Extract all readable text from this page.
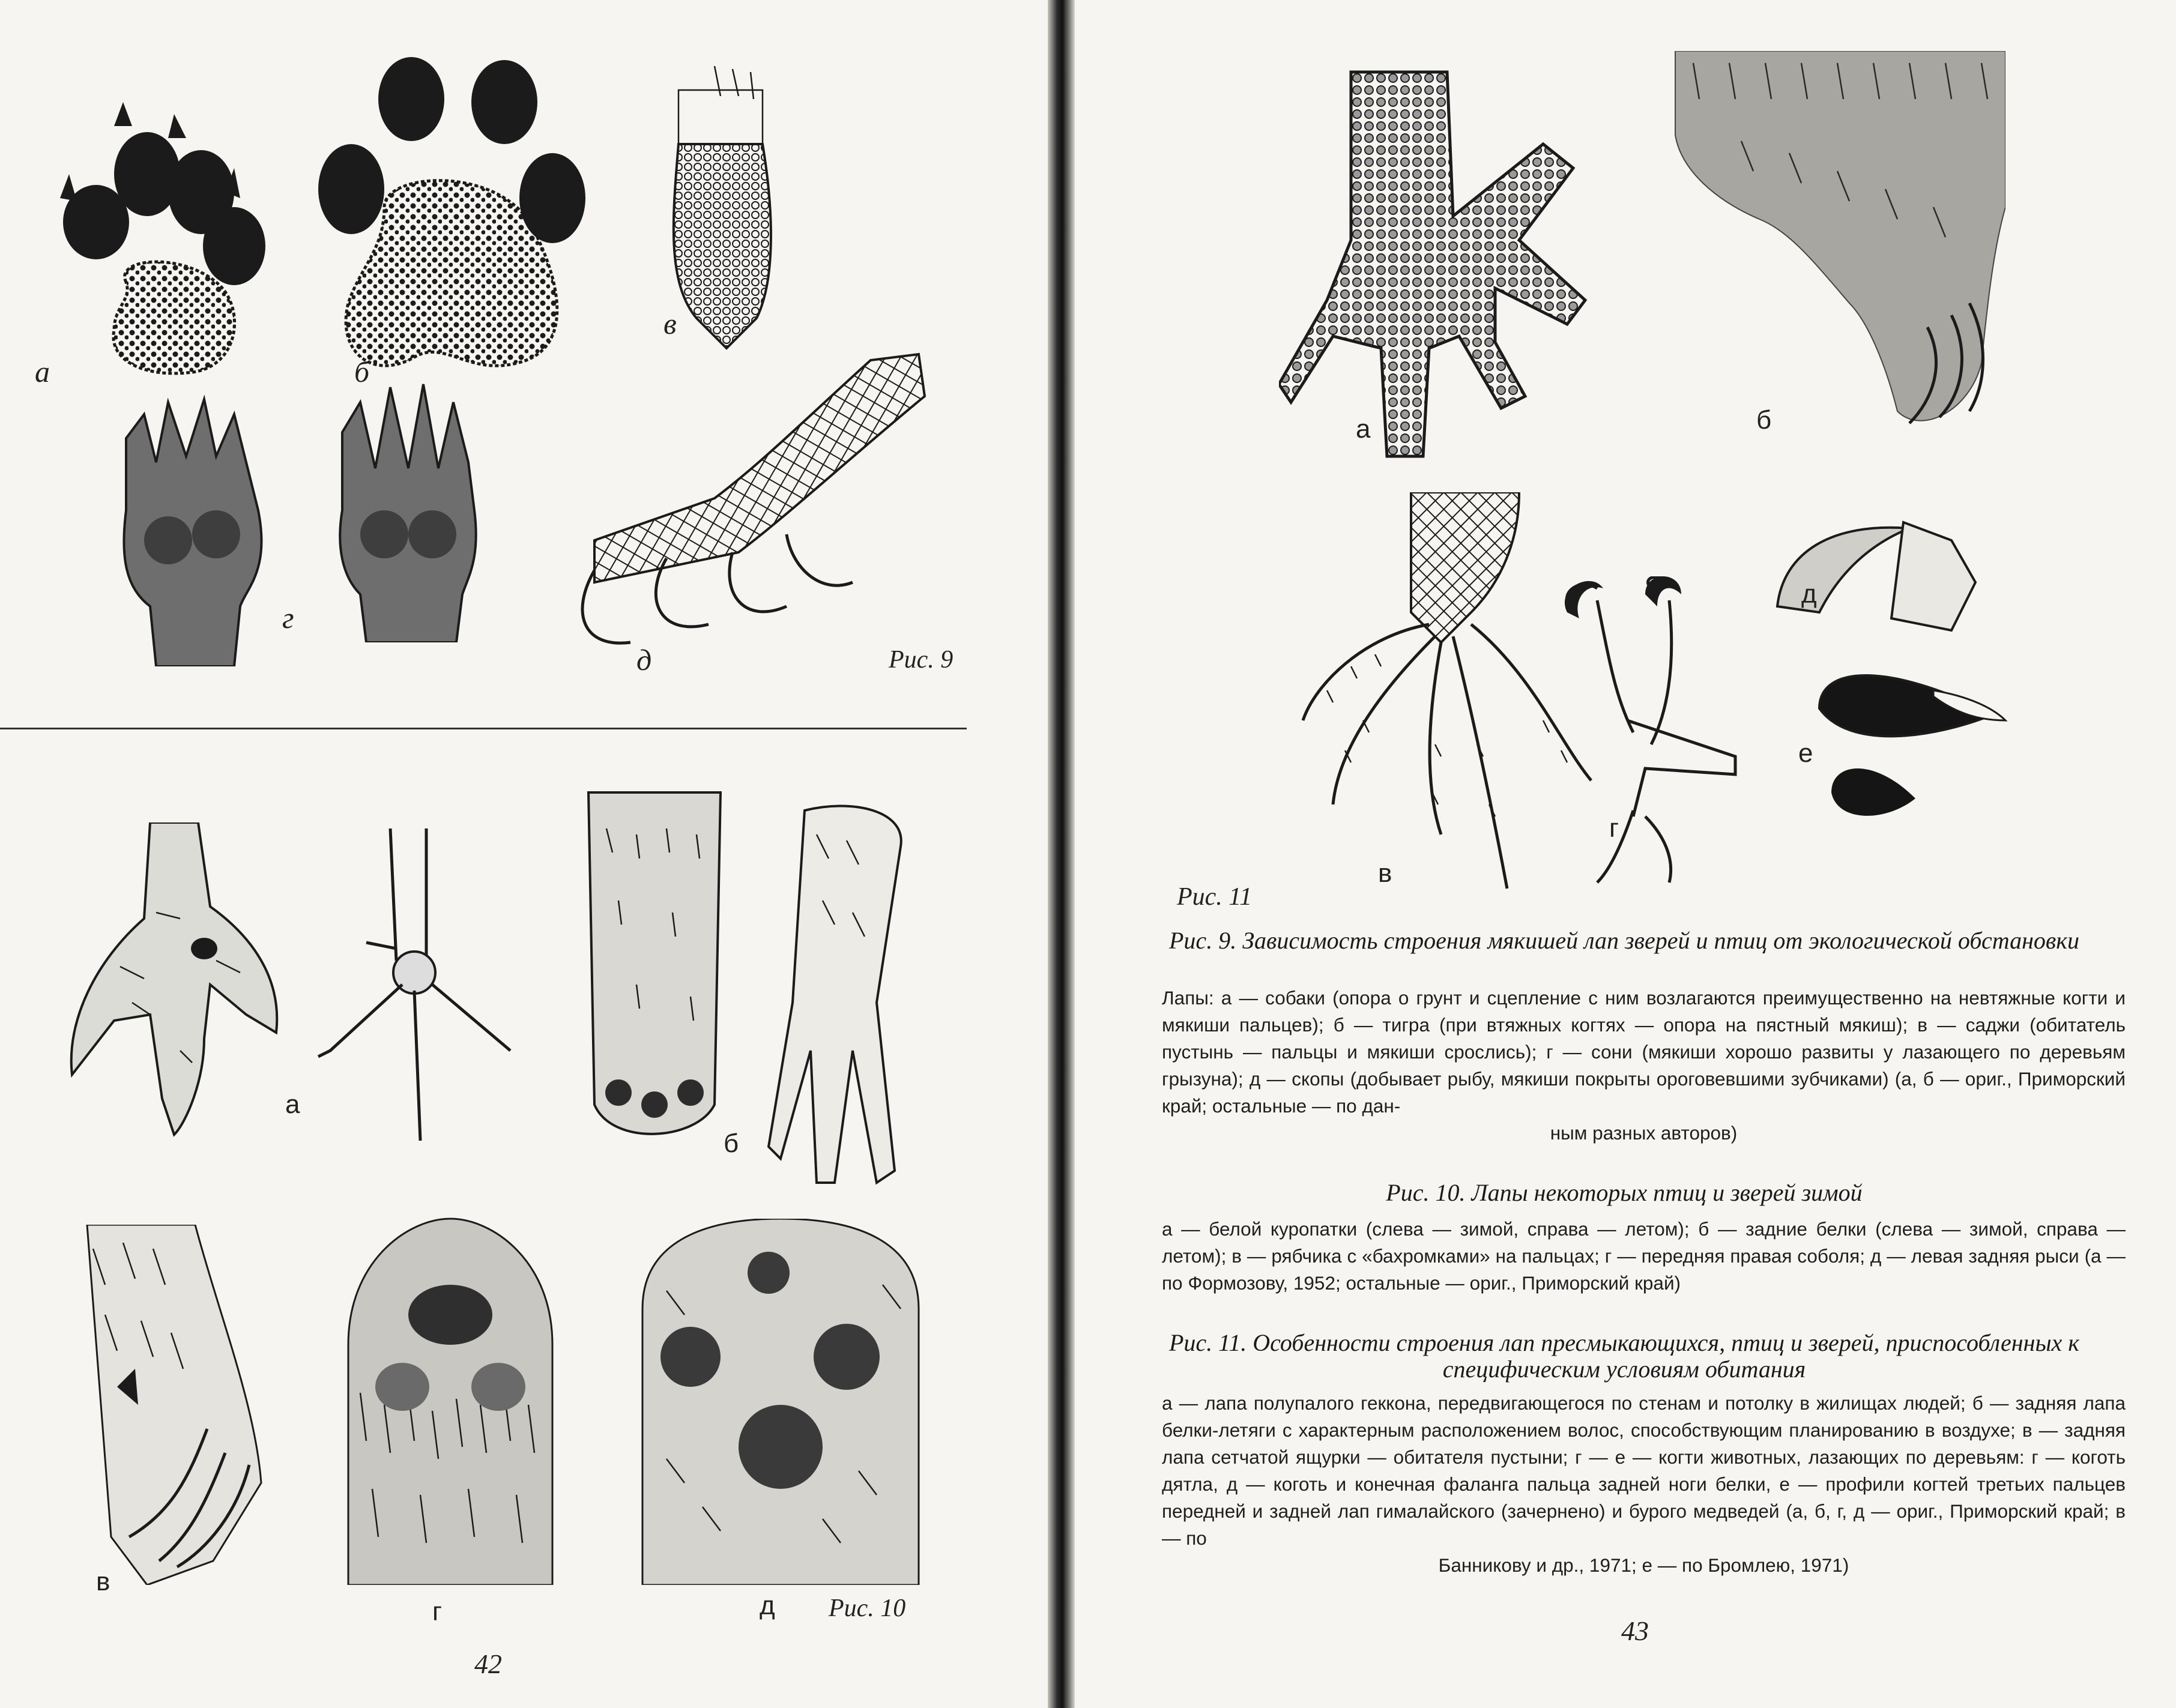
а	б
в
г
д	Рис. 9
а
б
в
г	д Рис. 10
42
а	б
в
г
д
е
Рис. 11
Рис. 9. Зависимость строения мякишей лап зверей и птиц от экологической обстановки
Лапы: а — собаки (опора о грунт и сцепление с ним возлагаются преимущественно на невтяжные когти и мякиши пальцев); б — тигра (при втяжных когтях — опора на пястный мякиш); в — саджи (обитатель пустынь — пальцы и мякиши срослись); г — сони (мякиши хорошо развиты у лазающего по деревьям грызуна); д — скопы (добывает рыбу, мякиши покрыты ороговевшими зубчиками) (а, б — ориг., Приморский край; остальные — по дан-
ным разных авторов)
Рис. 10. Лапы некоторых птиц и зверей зимой
а — белой куропатки (слева — зимой, справа — летом); б — задние белки (слева — зимой, справа — летом); в — рябчика с «бахромками» на пальцах; г — передняя правая соболя; д — левая задняя рыси (а — по Формозову, 1952; остальные — ориг., Приморский край)
Рис. 11. Особенности строения лап пресмыкающихся, птиц и зверей, приспособленных к специфическим условиям обитания
а — лапа полупалого геккона, передвигающегося по стенам и потолку в жилищах людей; б — задняя лапа белки-летяги с характерным расположением волос, способствующим планированию в воздухе; в — задняя лапа сетчатой ящурки — обитателя пустыни; г — е — когти животных, лазающих по деревьям: г — коготь дятла, д — коготь и конечная фаланга пальца задней ноги белки, е — профили когтей третьих пальцев передней и задней лап гималайского (зачернено) и бурого медведей (а, б, г, д — ориг., Приморский край; в — по
Банникову и др., 1971; е — по Бромлею, 1971)
43
